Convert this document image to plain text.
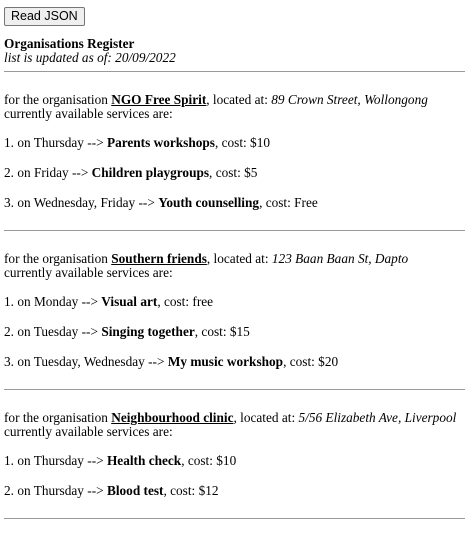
Read JSON
Organisations Register
list is updated as of: 20/09/2022
for the organisation NGO Free Spirit, located at: 89 Crown Street, Wollongong
currently available services are:
1. on Thursday --> Parents workshops, cost: $10
2. on Friday --> Children playgroups, cost: $5
3. on Wednesday, Friday --> Youth counselling, cost: Free
for the organisation Southern friends, located at: 123 Baan Baan St, Dapto
currently available services are:
1. on Monday --> Visual art, cost: free
2. on Tuesday --> Singing together, cost: $15
3. on Tuesday, Wednesday --> My music workshop, cost: $20
for the organisation Neighbourhood clinic, located at: 5/56 Elizabeth Ave, Liverpool
currently available services are:
1. on Thursday --> Health check, cost: $10
2. on Thursday --> Blood test, cost: $12
